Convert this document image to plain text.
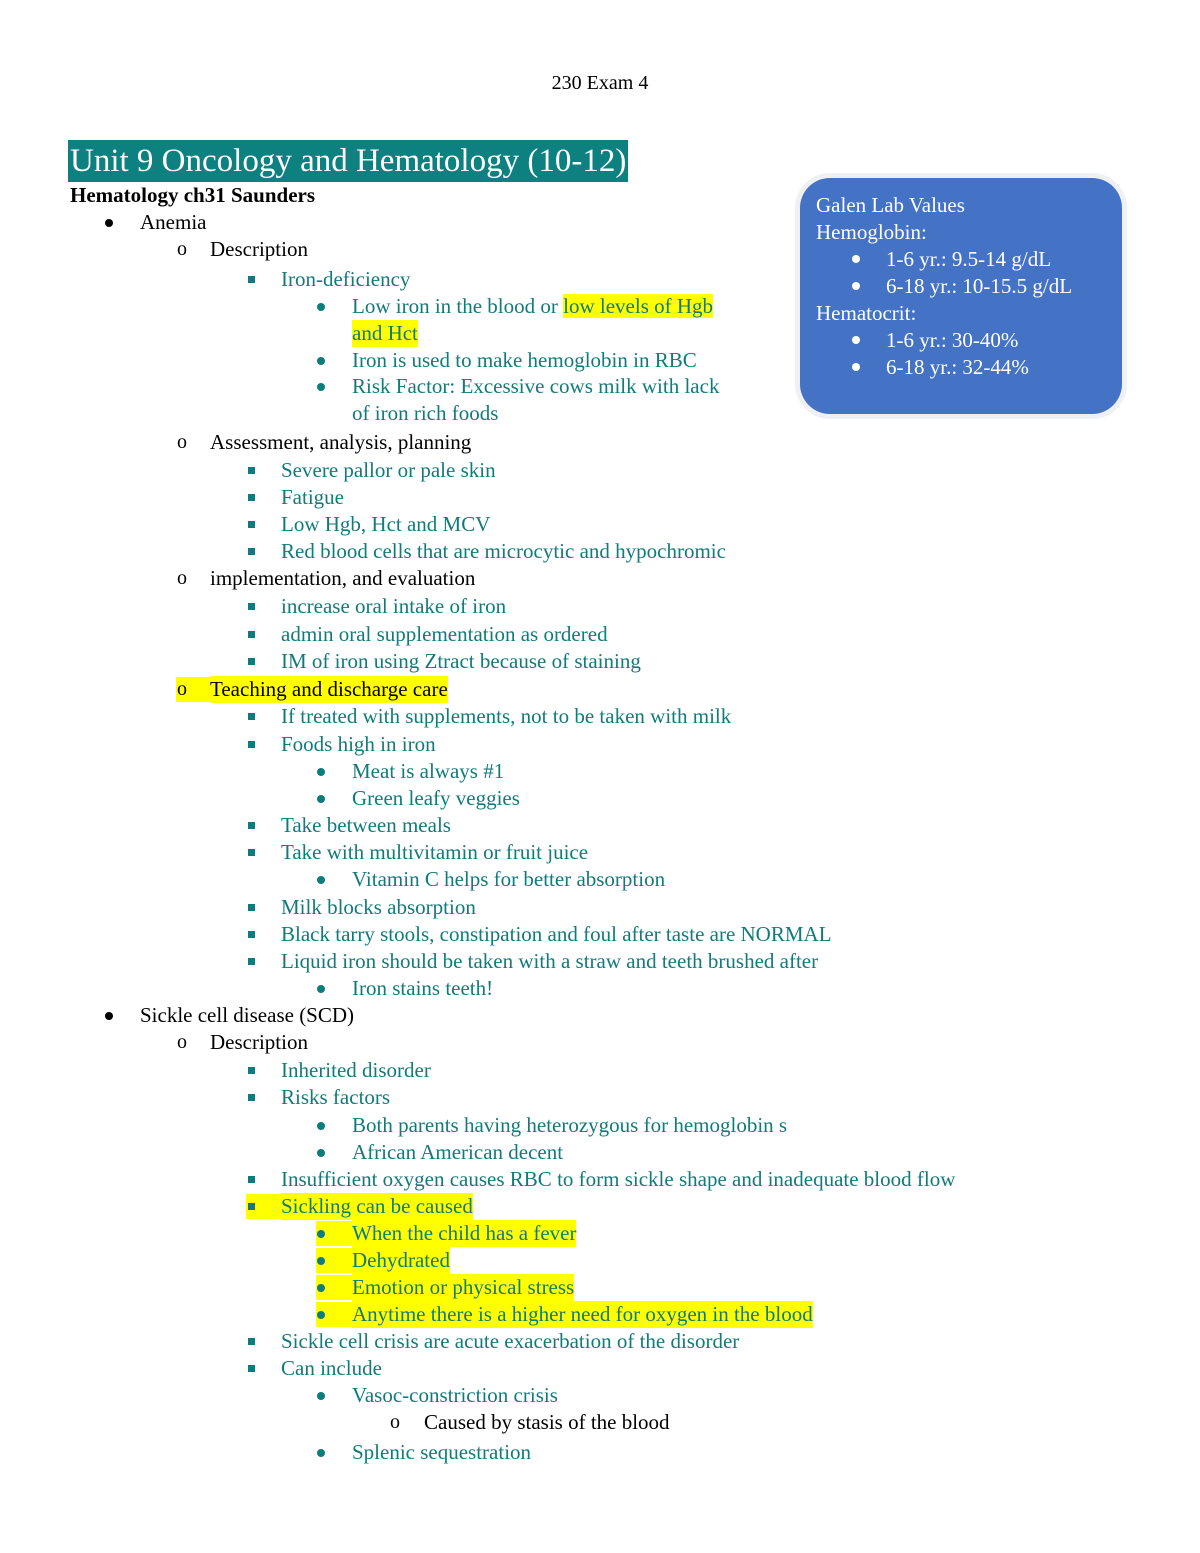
230 Exam 4
Unit 9 Oncology and Hematology (10-12)
Hematology ch31 Saunders	Galen Lab Values
Hemoglobin:
1-6 yr.: 9.5-14 g/dL
6-18 yr.: 10-15.5 g/dL
Hematocrit:
1-6 yr.: 30-40%
6-18 yr.: 32-44%
Anemia
o Description
Iron-deficiency
Low iron in the blood or low levels of Hgb
and Hct
Iron is used to make hemoglobin in RBC
Risk Factor: Excessive cows milk with lack
of iron rich foods
o Assessment, analysis, planning
Severe pallor or pale skin
Fatigue
Low Hgb, Hct and MCV
Red blood cells that are microcytic and hypochromic
o implementation, and evaluation
increase oral intake of iron
admin oral supplementation as ordered
IM of iron using Ztract because of staining
o Teaching and discharge care
If treated with supplements, not to be taken with milk
Foods high in iron
Meat is always #1
Green leafy veggies
Take between meals
Take with multivitamin or fruit juice
Vitamin C helps for better absorption
Milk blocks absorption
Black tarry stools, constipation and foul after taste are NORMAL
Liquid iron should be taken with a straw and teeth brushed after
Iron stains teeth!
Sickle cell disease (SCD)
o Description
Inherited disorder
Risks factors
Both parents having heterozygous for hemoglobin s
African American decent
Insufficient oxygen causes RBC to form sickle shape and inadequate blood flow
Sickling can be caused
When the child has a fever
Dehydrated
Emotion or physical stress
Anytime there is a higher need for oxygen in the blood
Sickle cell crisis are acute exacerbation of the disorder
Can include
Vasoc-constriction crisis
o Caused by stasis of the blood
Splenic sequestration
